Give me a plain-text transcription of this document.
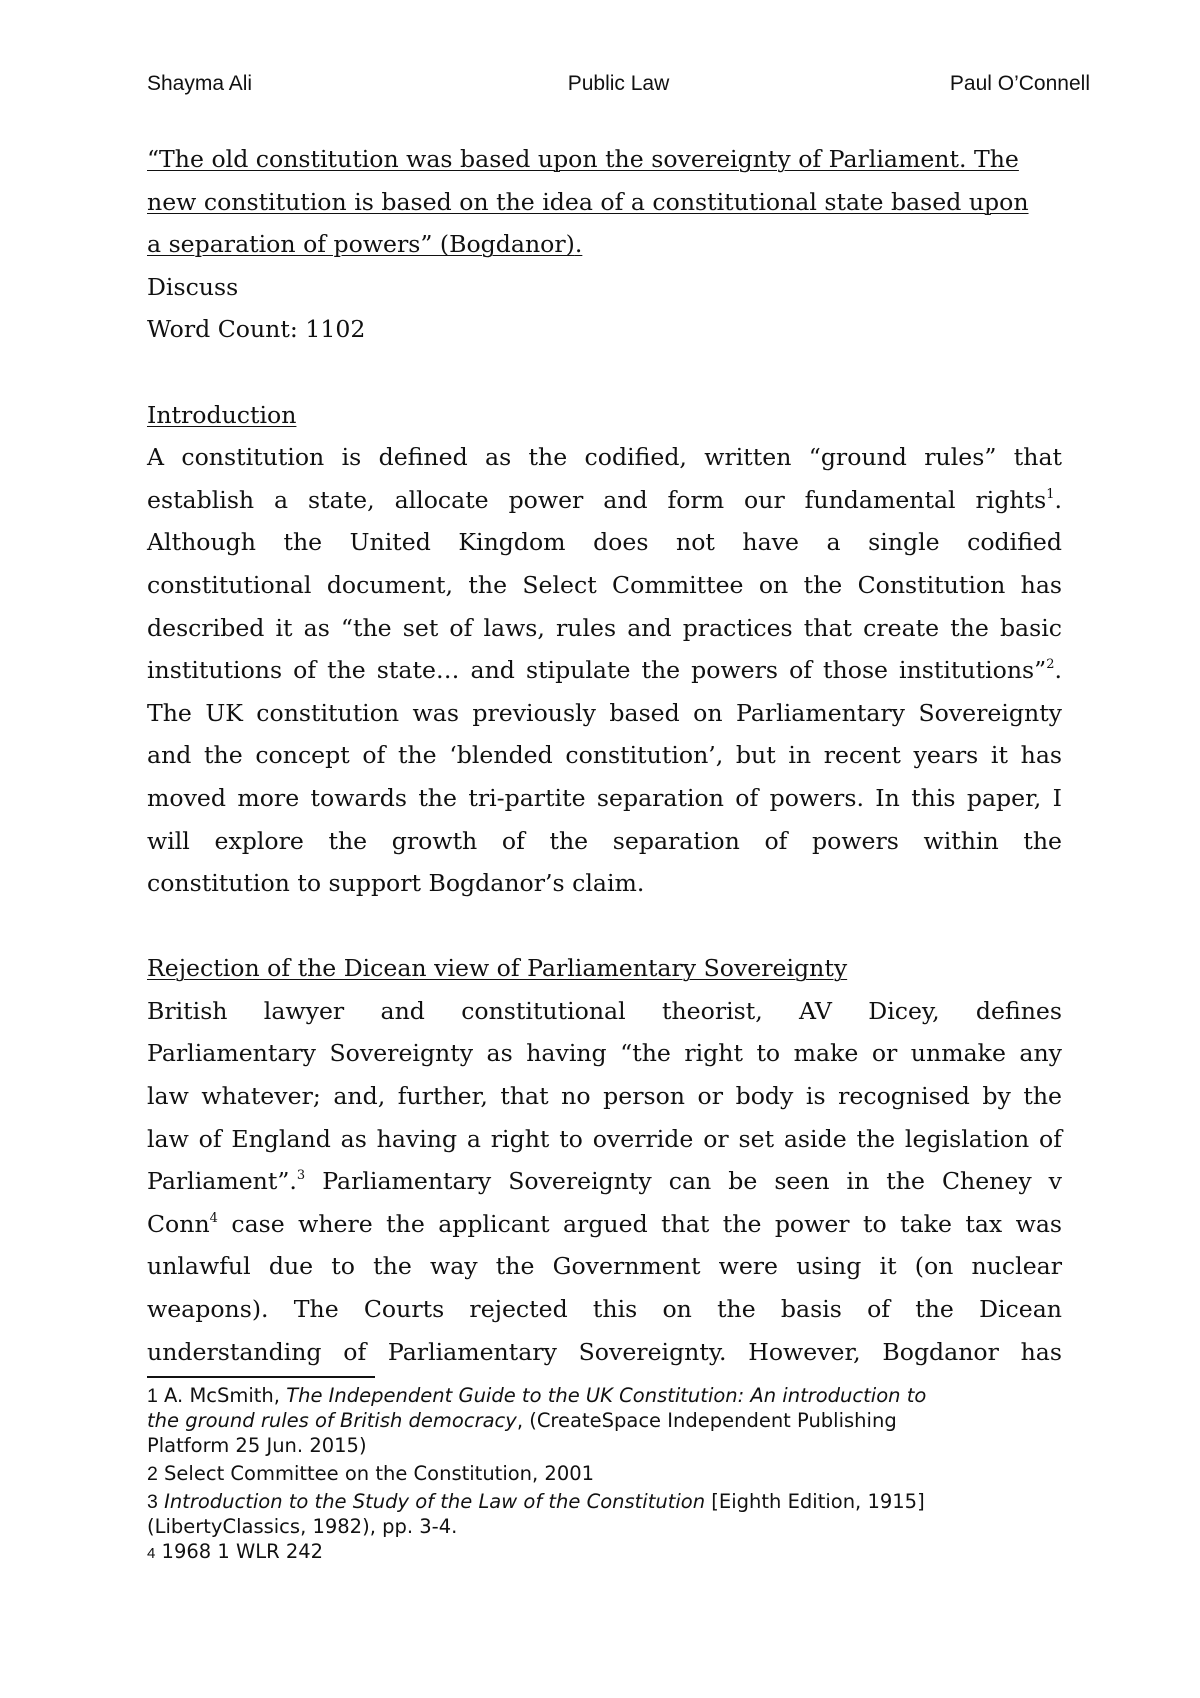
Shayma Ali	Public Law	Paul O’Connell
“The old constitution was based upon the sovereignty of Parliament. The
new constitution is based on the idea of a constitutional state based upon
a separation of powers” (Bogdanor).
Discuss
Word Count: 1102
Introduction
A constitution is defined as the codified, written “ground rules” that
establish a state, allocate power and form our fundamental rights$^1$.
Although the United Kingdom does not have a single codified
constitutional document, the Select Committee on the Constitution has
described it as “the set of laws, rules and practices that create the basic
institutions of the state… and stipulate the powers of those institutions”$^2$.
The UK constitution was previously based on Parliamentary Sovereignty
and the concept of the ‘blended constitution’, but in recent years it has
moved more towards the tri-partite separation of powers. In this paper, I
will explore the growth of the separation of powers within the
constitution to support Bogdanor’s claim.
Rejection of the Dicean view of Parliamentary Sovereignty
British lawyer and constitutional theorist, AV Dicey, defines
Parliamentary Sovereignty as having “the right to make or unmake any
law whatever; and, further, that no person or body is recognised by the
law of England as having a right to override or set aside the legislation of
Parliament”.$^3$ Parliamentary Sovereignty can be seen in the Cheney v
Conn$^4$ case where the applicant argued that the power to take tax was
unlawful due to the way the Government were using it (on nuclear
weapons). The Courts rejected this on the basis of the Dicean
understanding of Parliamentary Sovereignty. However, Bogdanor has
1 A. McSmith, The Independent Guide to the UK Constitution: An introduction to
the ground rules of British democracy, (CreateSpace Independent Publishing
Platform 25 Jun. 2015)
2 Select Committee on the Constitution, 2001
3 Introduction to the Study of the Law of the Constitution [Eighth Edition, 1915]
(LibertyClassics, 1982), pp. 3-4.
4 1968 1 WLR 242
